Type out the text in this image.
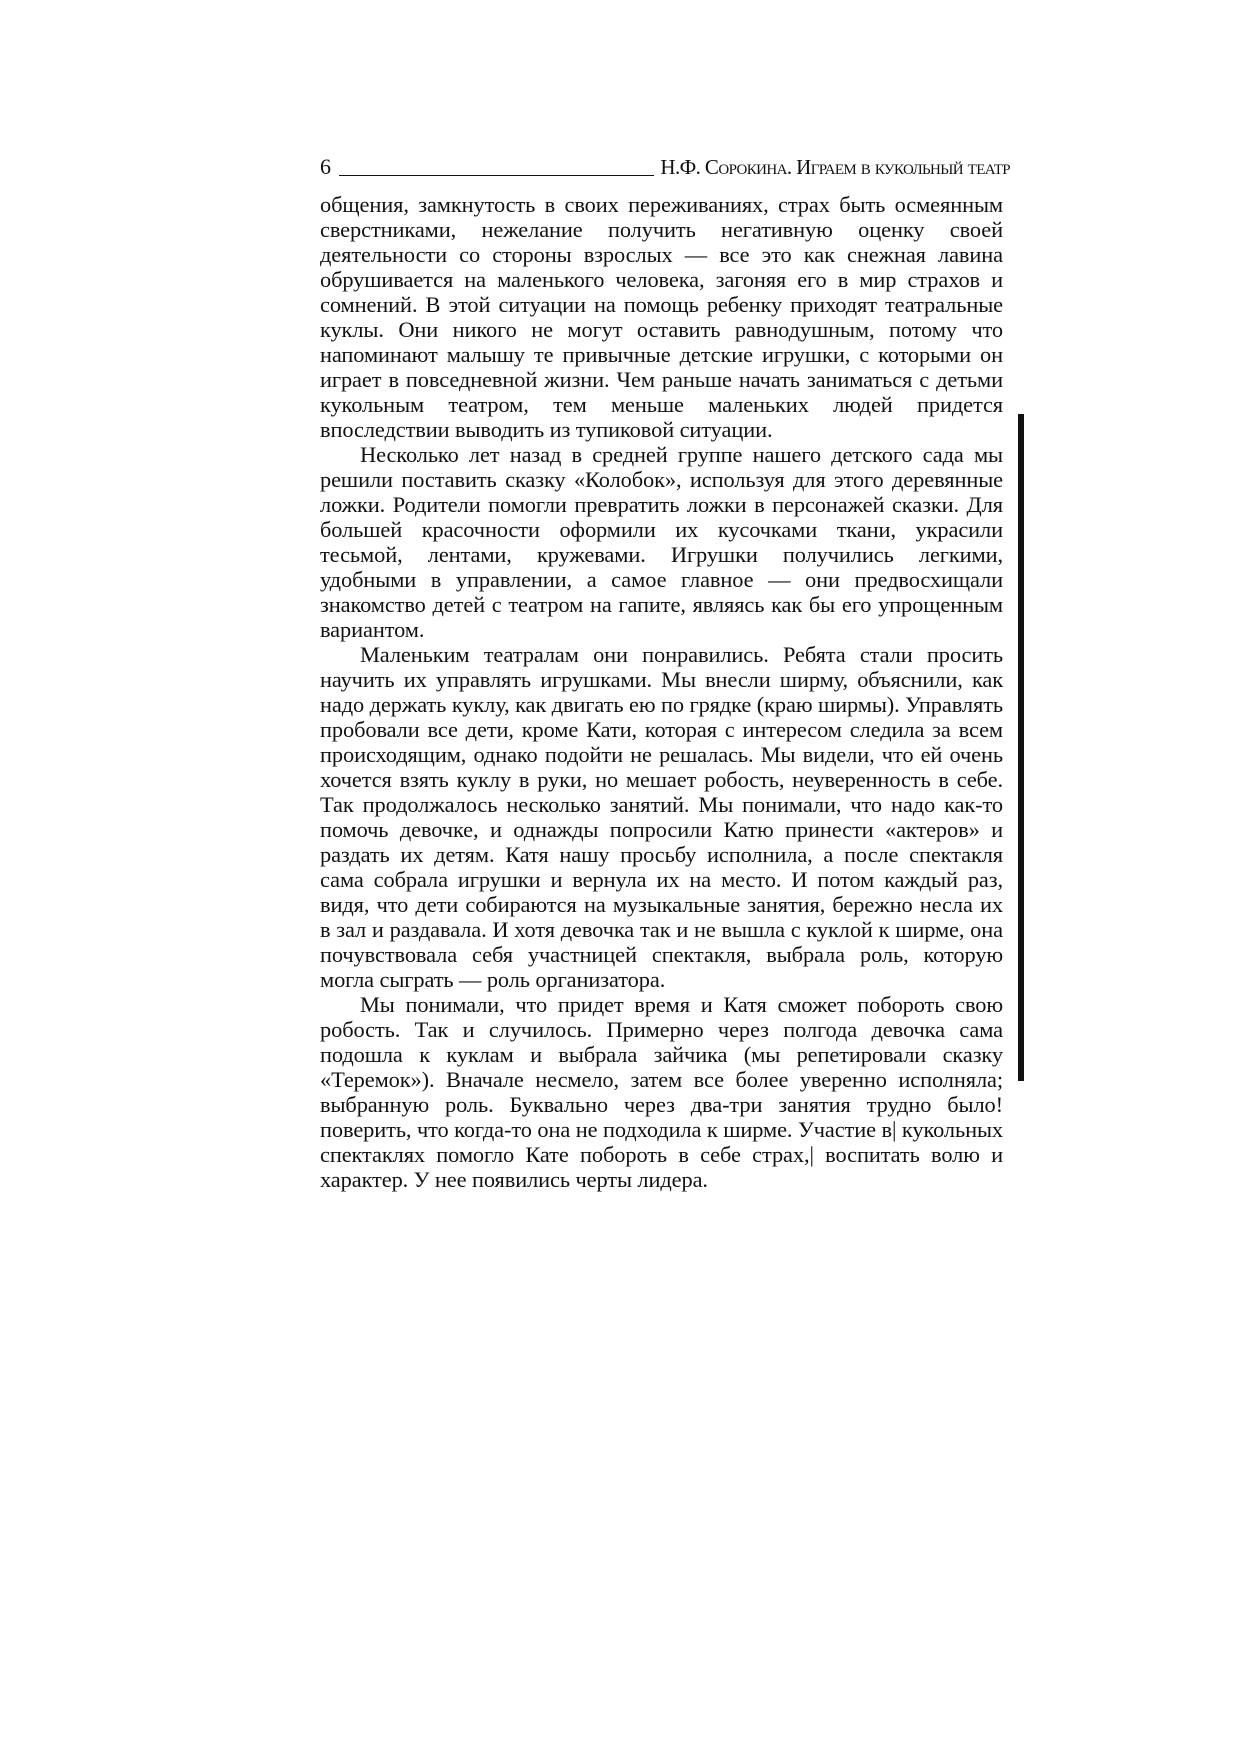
6	Н.Ф. Сорокина. Играем в кукольный театр

общения, замкнутость в своих переживаниях, страх быть осмеянным сверстниками, нежелание получить негативную оценку своей деятельности со стороны взрослых — все это как снежная лавина обрушивается на маленького человека, загоняя его в мир страхов и сомнений. В этой ситуации на помощь ребенку приходят театральные куклы. Они никого не могут оставить равнодушным, потому что напоминают малышу те привычные детские игрушки, с которыми он играет в повседневной жизни. Чем раньше начать заниматься с детьми кукольным театром, тем меньше маленьких людей придется впоследствии выводить из тупиковой ситуации.

Несколько лет назад в средней группе нашего детского сада мы решили поставить сказку «Колобок», используя для этого деревянные ложки. Родители помогли превратить ложки в персонажей сказки. Для большей красочности оформили их кусочками ткани, украсили тесьмой, лентами, кружевами. Игрушки получились легкими, удобными в управлении, а самое главное — они предвосхищали знакомство детей с театром на гапите, являясь как бы его упрощенным вариантом.

Маленьким театралам они понравились. Ребята стали просить научить их управлять игрушками. Мы внесли ширму, объяснили, как надо держать куклу, как двигать ею по грядке (краю ширмы). Управлять пробовали все дети, кроме Кати, которая с интересом следила за всем происходящим, однако подойти не решалась. Мы видели, что ей очень хочется взять куклу в руки, но мешает робость, неуверенность в себе. Так продолжалось несколько занятий. Мы понимали, что надо как-то помочь девочке, и однажды попросили Катю принести «актеров» и раздать их детям. Катя нашу просьбу исполнила, а после спектакля сама собрала игрушки и вернула их на место. И потом каждый раз, видя, что дети собираются на музыкальные занятия, бережно несла их в зал и раздавала. И хотя девочка так и не вышла с куклой к ширме, она почувствовала себя участницей спектакля, выбрала роль, которую могла сыграть — роль организатора.

Мы понимали, что придет время и Катя сможет побороть свою робость. Так и случилось. Примерно через полгода девочка сама подошла к куклам и выбрала зайчика (мы репетировали сказку «Теремок»). Вначале несмело, затем все более уверенно исполняла; выбранную роль. Буквально через два-три занятия трудно было! поверить, что когда-то она не подходила к ширме. Участие в| кукольных спектаклях помогло Кате побороть в себе страх,| воспитать волю и характер. У нее появились черты лидера.
